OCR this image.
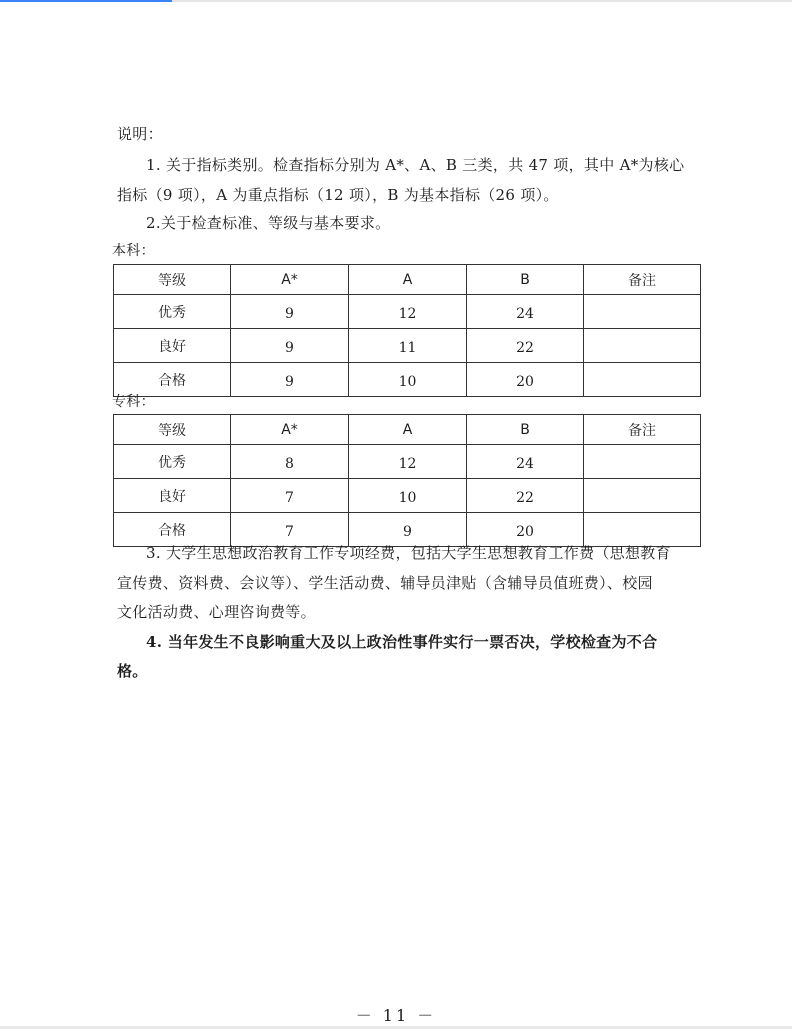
说明：

1. 关于指标类别。检查指标分别为 A*、A、B 三类，共 47 项，其中 A*为核心

指标（9 项），A 为重点指标（12 项），B 为基本指标（26 项）。

2.关于检查标准、等级与基本要求。

本科：

等级	A*	A	B	备注
优秀	9	12	24	
良好	9	11	22	
合格	9	10	20	

专科：

等级	A*	A	B	备注
优秀	8	12	24	
良好	7	10	22	
合格	7	9	20	

3. 大学生思想政治教育工作专项经费，包括大学生思想教育工作费（思想教育

宣传费、资料费、会议等）、学生活动费、辅导员津贴（含辅导员值班费）、校园

文化活动费、心理咨询费等。

4. 当年发生不良影响重大及以上政治性事件实行一票否决，学校检查为不合

格。

－ 11 －
